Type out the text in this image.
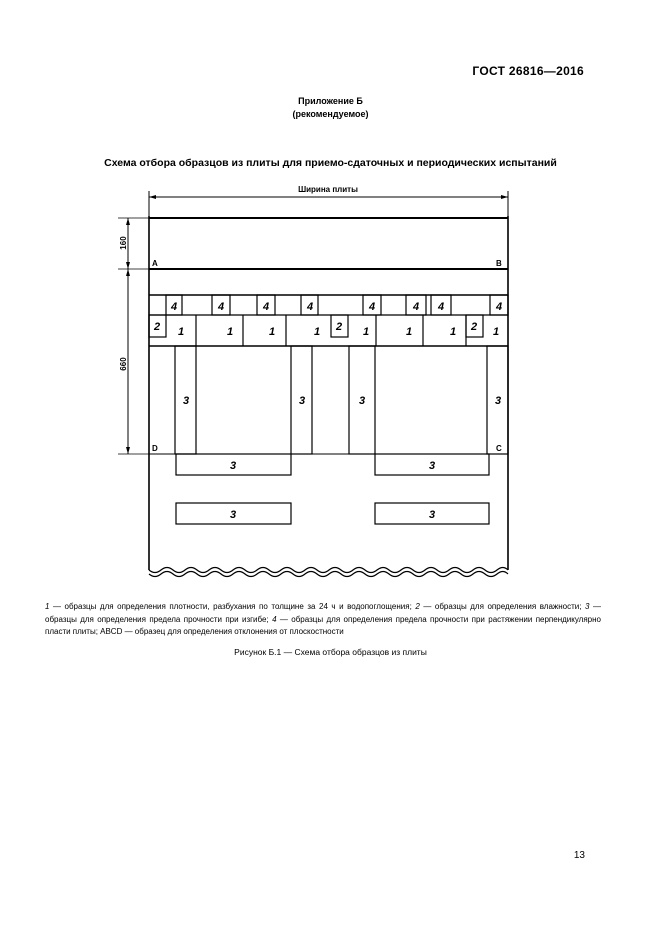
ГОСТ 26816—2016
Приложение Б
(рекомендуемое)
Схема отбора образцов из плиты для приемо-сдаточных и периодических испытаний
Ширина плиты
160
660
A	B
D	C
4	4	4	4	4	4 4	4
2	2	2
1	1	1	1	1	1	1	1
3	3	3	3
3	3
3	3
1 — образцы для определения плотности, разбухания по толщине за 24 ч и водопоглощения; 2 — образцы для определения влажности; 3 — образцы для определения предела прочности при изгибе; 4 — образцы для определения предела прочности при растяжении перпендикулярно пласти плиты; ABCD — образец для определения отклонения от плоскостности
Рисунок Б.1 — Схема отбора образцов из плиты
13
